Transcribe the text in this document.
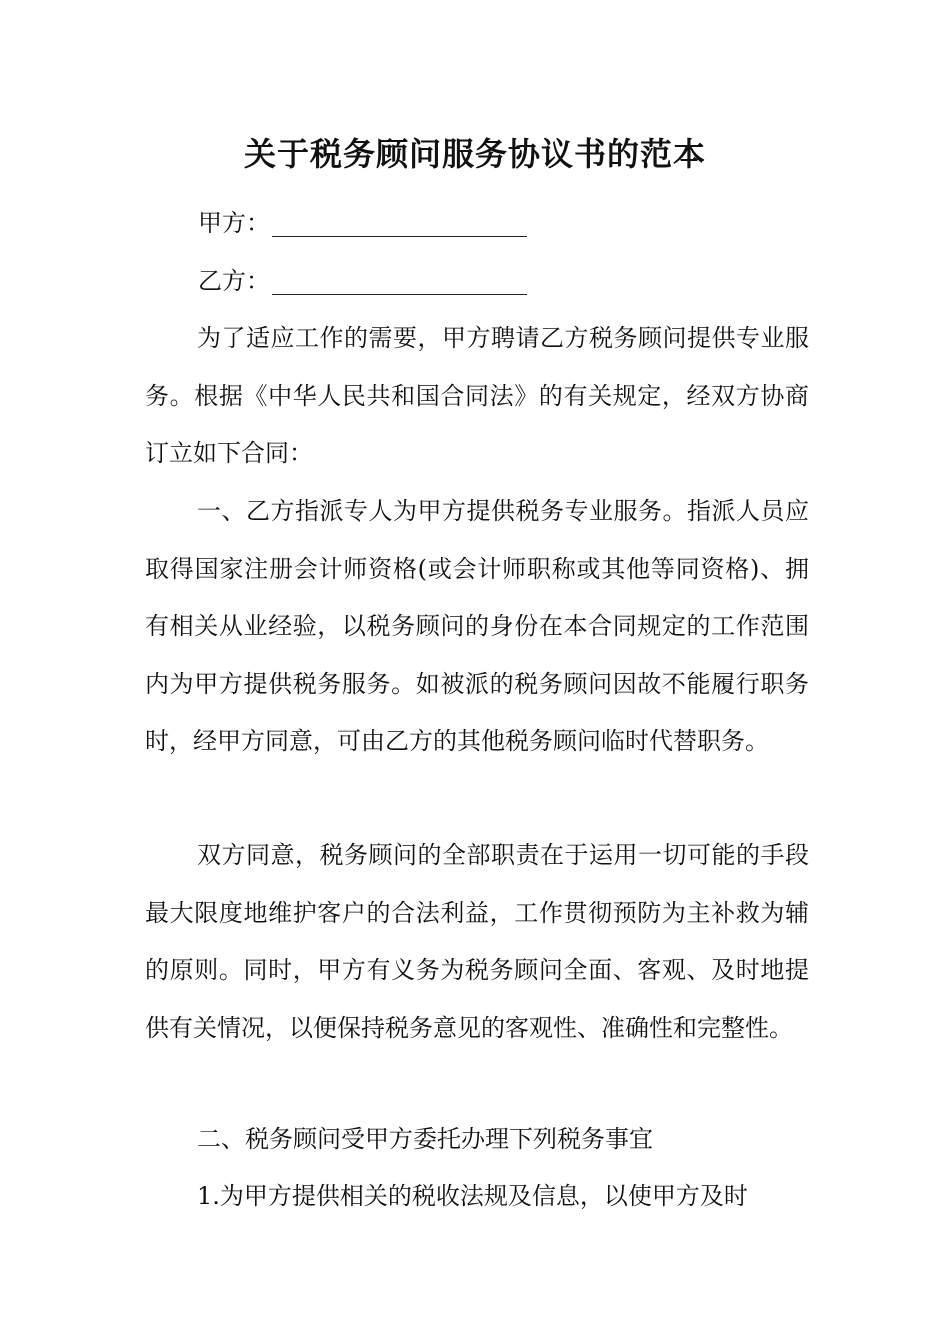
关于税务顾问服务协议书的范本
甲方：
乙方：

为了适应工作的需要，甲方聘请乙方税务顾问提供专业服务。根据《中华人民共和国合同法》的有关规定，经双方协商订立如下合同：

一、乙方指派专人为甲方提供税务专业服务。指派人员应取得国家注册会计师资格(或会计师职称或其他等同资格)、拥有相关从业经验，以税务顾问的身份在本合同规定的工作范围内为甲方提供税务服务。如被派的税务顾问因故不能履行职务时，经甲方同意，可由乙方的其他税务顾问临时代替职务。

双方同意，税务顾问的全部职责在于运用一切可能的手段最大限度地维护客户的合法利益，工作贯彻预防为主补救为辅的原则。同时，甲方有义务为税务顾问全面、客观、及时地提供有关情况，以便保持税务意见的客观性、准确性和完整性。

二、税务顾问受甲方委托办理下列税务事宜

1.为甲方提供相关的税收法规及信息，以使甲方及时
